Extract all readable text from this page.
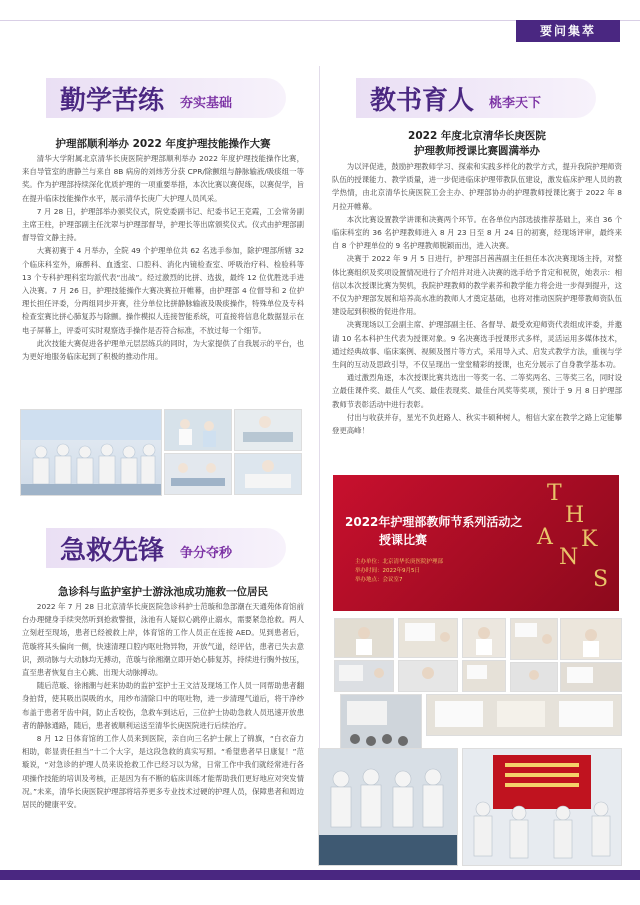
要问集萃
勤学苦练 夯实基础
护理部顺利举办 2022 年度护理技能操作大赛

清华大学附属北京清华长庚医院护理部顺利举办 2022 年度护理技能操作比赛，来自导管室的唐静兰与来自 8B 病房的刘炜芳分获 CPR/除颤组与静脉输液/吸痰组一等奖。作为护理部持续深化优质护理的一项重要举措，本次比赛以赛促练，以赛促学，旨在提升临床技能操作水平，展示清华长庚广大护理人员风采。

7 月 28 日，护理部举办颁奖仪式，院党委副书记、纪委书记王克霞，工会常务副主席王柱，护理部副主任沈翠与护理部督导，护理长等出席颁奖仪式。仪式由护理部副督导管文静主持。

大赛初赛于 4 月举办，全院 49 个护理单位共 62 名选手参加，除护理部所辖 32 个临床科室外，麻醉科、血透室、口腔科、消化内镜检查室、呼吸治疗科、检验科等 13 个专科护理科室均派代表“出战”。经过激烈的比拼、选拔，最终 12 位优胜选手进入决赛。7 月 26 日，护理技能操作大赛决赛拉开帷幕，由护理部 4 位督导和 2 位护理长担任评委，分两组同步开赛，往分单位比拼静脉输液及吸痰操作，特殊单位及专科检查室赛比拼心肺复苏与除颤。操作模拟人连接智能系统，可直接将信息化数据显示在电子屏幕上，评委可实时观察选手操作是否符合标准，不放过每一个细节。

此次技能大赛促进各护理单元层层练兵的同时，为大家提供了自我展示的平台，也为更好地服务临床起到了积极的推动作用。

急救先锋 争分夺秒
急诊科与监护室护士游泳池成功施救一位居民

2022 年 7 月 28 日北京清华长庚医院急诊科护士范璇和急部潮在天通苑体育馆前台办理健身手续突然听到抢救警报，泳池有人疑似心跳停止溺水，需要紧急抢救。两人立刻赶至现场，患者已经被救上岸，体育馆的工作人员正在连接 AED。见到患者后，范璇将其头偏向一侧，快速清理口腔内呕吐物异物，开放气道，经评估，患者已失去意识，颈动脉与大动脉均无搏动，范璇与徐湘潮立即开始心肺复苏，持续进行胸外按压，直至患者恢复自主心跳、出现大动脉搏动。

随后范璇、徐湘潮与赶来协助的监护室护士王文洁及现场工作人员一同帮助患者翻身拍背，使其吸出误吸的水，用纱布清除口中的呕吐物，进一步清理气道后，将干净纱布盖于患者牙齿中间，防止舌咬伤，急救车到达后，三位护士协助急救人员迅速开放患者的静脉通路，随后，患者被顺利运送至清华长庚医院进行后续治疗。

8 月 12 日体育馆的工作人员来到医院，亲自向三名护士献上了锦旗，“白衣奋力相助，彰显责任担当”十二个大字，是这段急救的真实写照。“希望患者早日康复！”范璇说，“对急诊的护理人员来说抢救工作已经习以为常，日常工作中我们就经常进行各项操作技能的培训及考核，正是因为有不断的临床训练才能帮助我们更好地应对突发情况。”未来，清华长庚医院护理部将培养更多专业技术过硬的护理人员，保障患者和周边居民的健康平安。

教书育人 桃李天下
2022 年度北京清华长庚医院
护理教师授课比赛圆满举办

为以评促进，鼓励护理教师学习、探索和实践多样化的教学方式，提升我院护理师资队伍的授课能力、教学质量，进一步促进临床护理带教队伍建设，激发临床护理人员的教学热情，由北京清华长庚医院工会主办、护理部协办的护理教师授课比赛于 2022 年 8 月拉开帷幕。

本次比赛设置教学讲课和决赛两个环节。在各单位内部选拔推荐基础上，来自 36 个临床科室的 36 名护理教师进入 8 月 23 日至 8 月 24 日的初赛，经现场评审，最终来自 8 个护理单位的 9 名护理教师脱颖而出，进入决赛。

决赛于 2022 年 9 月 5 日进行，护理部吕茜茜副主任担任本次决赛现场主持，对整体比赛组织及奖项设置情况进行了介绍并对进入决赛的选手给予肯定和祝贺，她表示：相信以本次授课比赛为契机，我院护理教师的教学素养和教学能力将会进一步得到提升，这不仅为护理部发展和培养高水准的教师人才奠定基础，也将对推动医院护理带教师资队伍建设起到积极的促进作用。

决赛现场以工会副主席、护理部副主任、各督导、最受欢迎师资代表组成评委，并邀请 10 名本科护生代表为授课对象。9 名决赛选手授课形式多样，灵活运用多媒体技术，通过经典故事、临床案例、视频及图片等方式，采用导入式、启发式教学方法，重视与学生间的互动及思政引导，不仅呈现出一堂堂精彩的授课，也充分展示了自身教学基本功。

通过激烈角逐，本次授课比赛共选出一等奖一名、二等奖两名、三等奖三名，同时设立最佳课件奖、最佳人气奖、最佳表现奖、最佳台风奖等奖项，预计于 9 月 8 日护理部教师节表彰活动中进行表彰。

付出与收获并存，星光不负赶路人、秋实丰硕种树人，相信大家在教学之路上定能攀登更高峰！

2022年护理部教师节系列活动之
授课比赛
主办单位：北京清华长庚医院护理部
举办时间：2022年9月5日
举办地点：会议室7
T
H
A
N
K
S
